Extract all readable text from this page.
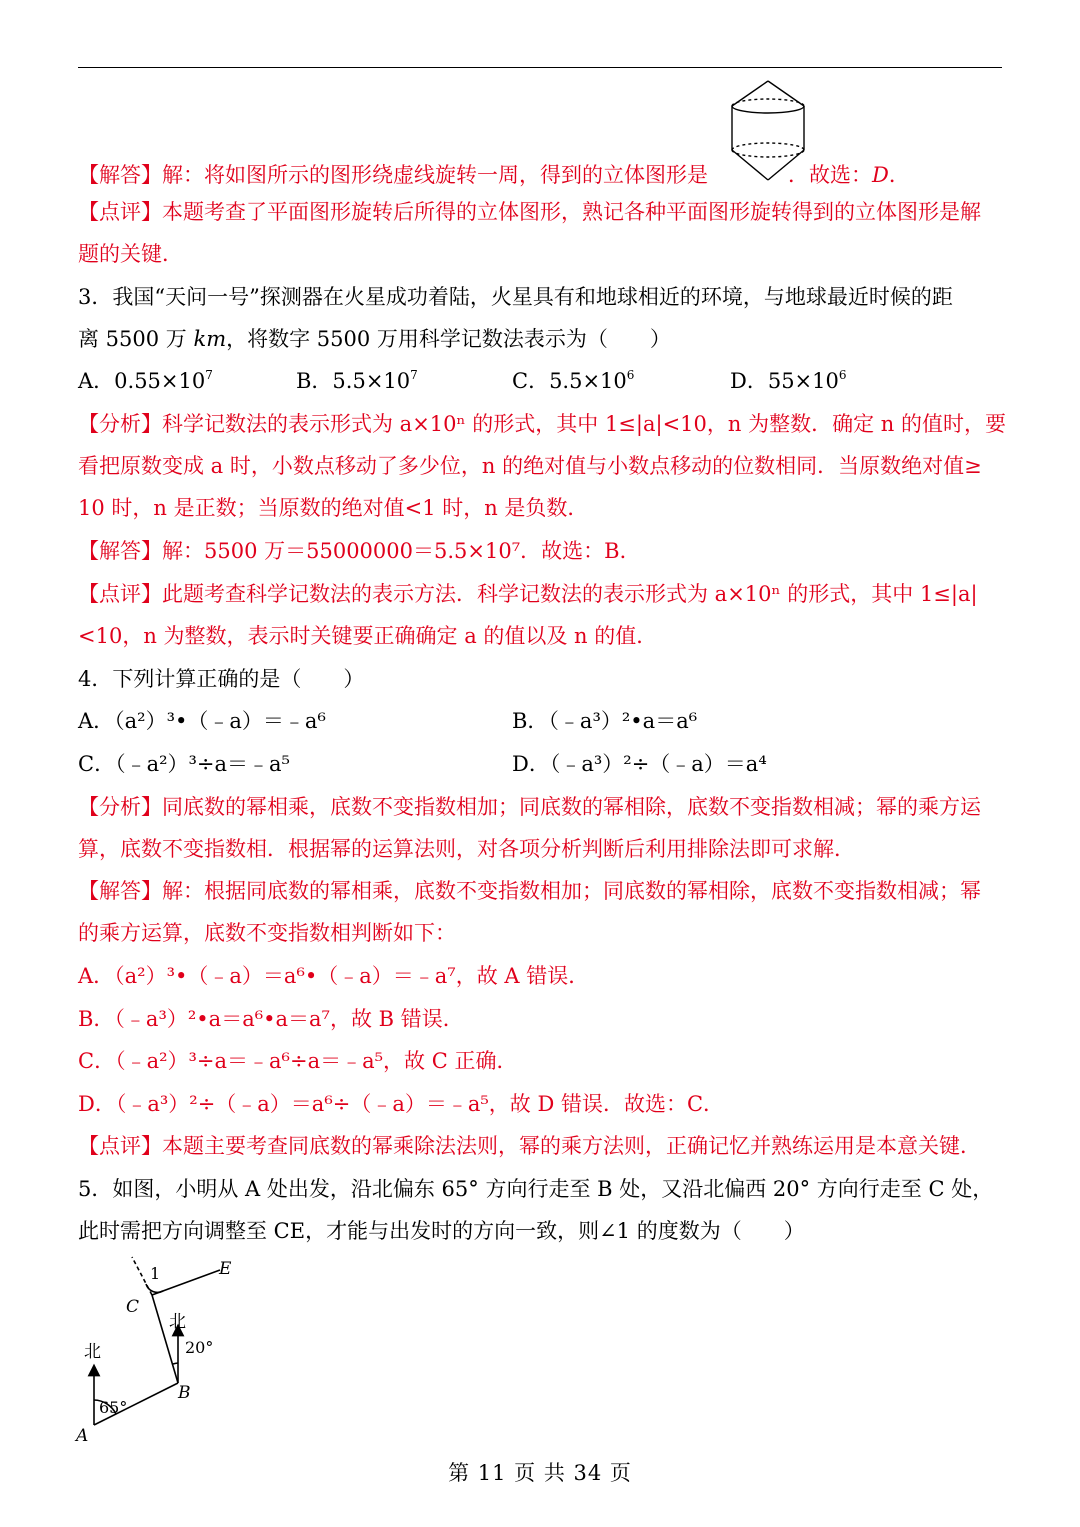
【解答】解：将如图所示的图形绕虚线旋转一周，得到的立体图形是	．故选：D．
【点评】本题考查了平面图形旋转后所得的立体图形，熟记各种平面图形旋转得到的立体图形是解
题的关键．
3．我国“天问一号”探测器在火星成功着陆，火星具有和地球相近的环境，与地球最近时候的距
离 5500 万 km，将数字 5500 万用科学记数法表示为（　　）
A．$0.55\times 10^7$	B．$5.5\times 10^7$	C．$5.5\times 10^6$	D．$55\times 10^6$
【分析】科学记数法的表示形式为 a×10ⁿ 的形式，其中 1≤|a|<10，n 为整数．确定 n 的值时，要
看把原数变成 a 时，小数点移动了多少位，n 的绝对值与小数点移动的位数相同．当原数绝对值≥
10 时，n 是正数；当原数的绝对值<1 时，n 是负数．
【解答】解：5500 万＝55000000＝5.5×10⁷．故选：B．
【点评】此题考查科学记数法的表示方法．科学记数法的表示形式为 a×10ⁿ 的形式，其中 1≤|a|
<10，n 为整数，表示时关键要正确确定 a 的值以及 n 的值．
4．下列计算正确的是（　　）
A．（a²）³•（﹣a）＝﹣a⁶	B．（﹣a³）²•a＝a⁶
C．（﹣a²）³÷a＝﹣a⁵	D．（﹣a³）²÷（﹣a）＝a⁴
【分析】同底数的幂相乘，底数不变指数相加；同底数的幂相除，底数不变指数相减；幂的乘方运
算，底数不变指数相．根据幂的运算法则，对各项分析判断后利用排除法即可求解．
【解答】解：根据同底数的幂相乘，底数不变指数相加；同底数的幂相除，底数不变指数相减；幂
的乘方运算，底数不变指数相判断如下：
A．（a²）³•（﹣a）＝a⁶•（﹣a）＝﹣a⁷，故 A 错误．
B．（﹣a³）²•a＝a⁶•a＝a⁷，故 B 错误．
C．（﹣a²）³÷a＝﹣a⁶÷a＝﹣a⁵，故 C 正确．
D．（﹣a³）²÷（﹣a）＝a⁶÷（﹣a）＝﹣a⁵，故 D 错误．故选：C．
【点评】本题主要考查同底数的幂乘除法法则，幂的乘方法则，正确记忆并熟练运用是本意关键．
5．如图，小明从 A 处出发，沿北偏东 65° 方向行走至 B 处，又沿北偏西 20° 方向行走至 C 处，
此时需把方向调整至 CE，才能与出发时的方向一致，则∠1 的度数为（　　）
E
1
C
北
20°
北
B
65°
A
第 11 页 共 34 页
